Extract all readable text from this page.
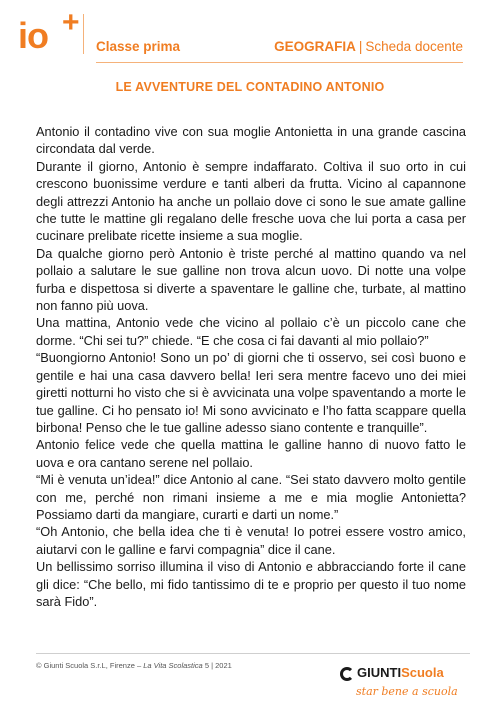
io +
Classe prima	GEOGRAFIA | Scheda docente
LE AVVENTURE DEL CONTADINO ANTONIO

Antonio il contadino vive con sua moglie Antonietta in una grande cascina circondata dal verde.

Durante il giorno, Antonio è sempre indaffarato. Coltiva il suo orto in cui crescono buonissime verdure e tanti alberi da frutta. Vicino al capannone degli attrezzi Antonio ha anche un pollaio dove ci sono le sue amate galline che tutte le mattine gli regalano delle fresche uova che lui porta a casa per cucinare prelibate ricette insieme a sua moglie.

Da qualche giorno però Antonio è triste perché al mattino quando va nel pollaio a salutare le sue galline non trova alcun uovo. Di notte una volpe furba e dispettosa si diverte a spaventare le galline che, turbate, al mattino non fanno più uova.

Una mattina, Antonio vede che vicino al pollaio c’è un piccolo cane che dorme. “Chi sei tu?” chiede. “E che cosa ci fai davanti al mio pollaio?”

“Buongiorno Antonio! Sono un po’ di giorni che ti osservo, sei così buono e gentile e hai una casa davvero bella! Ieri sera mentre facevo uno dei miei giretti notturni ho visto che si è avvicinata una volpe spaventando a morte le tue galline. Ci ho pensato io! Mi sono avvicinato e l’ho fatta scappare quella birbona! Penso che le tue galline adesso siano contente e tranquille”.

Antonio felice vede che quella mattina le galline hanno di nuovo fatto le uova e ora cantano serene nel pollaio.

“Mi è venuta un’idea!” dice Antonio al cane. “Sei stato davvero molto gentile con me, perché non rimani insieme a me e mia moglie Antonietta? Possiamo darti da mangiare, curarti e darti un nome.”

“Oh Antonio, che bella idea che ti è venuta! Io potrei essere vostro amico, aiutarvi con le galline e farvi compagnia” dice il cane.

Un bellissimo sorriso illumina il viso di Antonio e abbracciando forte il cane gli dice: “Che bello, mi fido tantissimo di te e proprio per questo il tuo nome sarà Fido”.

© Giunti Scuola S.r.L, Firenze – La Vita Scolastica 5 | 2021	GIUNTIScuola
star bene a scuola
